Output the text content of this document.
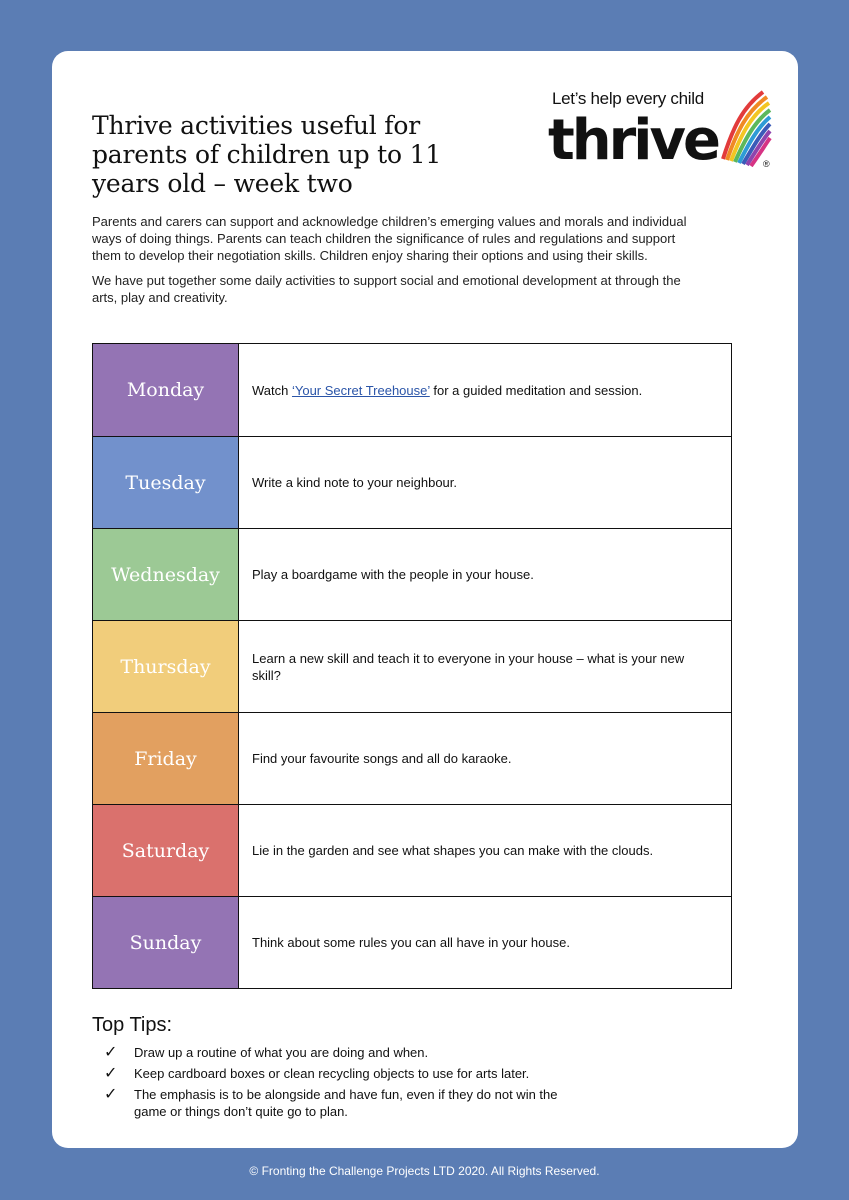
Thrive activities useful for parents of children up to 11 years old – week two
Let’s help every child
thrive	®

Parents and carers can support and acknowledge children’s emerging values and morals and individual ways of doing things. Parents can teach children the significance of rules and regulations and support them to develop their negotiation skills. Children enjoy sharing their options and using their skills.

We have put together some daily activities to support social and emotional development at through the arts, play and creativity.

Monday	Watch ‘Your Secret Treehouse’ for a guided meditation and session.
Tuesday	Write a kind note to your neighbour.
Wednesday	Play a boardgame with the people in your house.
Thursday	Learn a new skill and teach it to everyone in your house – what is your new skill?
Friday	Find your favourite songs and all do karaoke.
Saturday	Lie in the garden and see what shapes you can make with the clouds.
Sunday	Think about some rules you can all have in your house.
Top Tips:
✓	Draw up a routine of what you are doing and when.
✓	Keep cardboard boxes or clean recycling objects to use for arts later.
✓	The emphasis is to be alongside and have fun, even if they do not win the game or things don’t quite go to plan.
© Fronting the Challenge Projects LTD 2020. All Rights Reserved.
